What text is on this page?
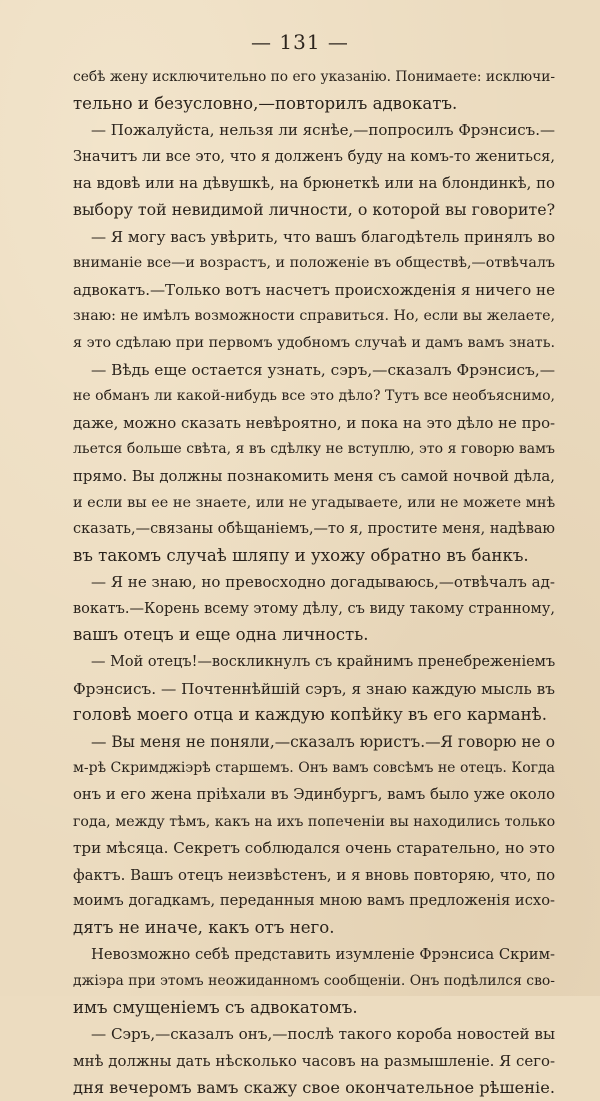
— 131 —
себѣ жену исключительно по его указанію. Понимаете: исключи-
тельно и безусловно,—повторилъ адвокатъ.
— Пожалуйста, нельзя ли яснѣе,—попросилъ Фрэнсисъ.—
Значитъ ли все это, что я долженъ буду на комъ-то жениться,
на вдовѣ или на дѣвушкѣ, на брюнеткѣ или на блондинкѣ, по
выбору той невидимой личности, о которой вы говорите?
— Я могу васъ увѣрить, что вашъ благодѣтель принялъ во
вниманіе все—и возрастъ, и положеніе въ обществѣ,—отвѣчалъ
адвокатъ.—Только вотъ насчетъ происхожденія я ничего не
знаю: не имѣлъ возможности справиться. Но, если вы желаете,
я это сдѣлаю при первомъ удобномъ случаѣ и дамъ вамъ знать.
— Вѣдь еще остается узнать, сэръ,—сказалъ Фрэнсисъ,—
не обманъ ли какой-нибудь все это дѣло? Тутъ все необъяснимо,
даже, можно сказать невѣроятно, и пока на это дѣло не про-
льется больше свѣта, я въ сдѣлку не вступлю, это я говорю вамъ
прямо. Вы должны познакомить меня съ самой ночвой дѣла,
и если вы ее не знаете, или не угадываете, или не можете мнѣ
сказать,—связаны обѣщаніемъ,—то я, простите меня, надѣваю
въ такомъ случаѣ шляпу и ухожу обратно въ банкъ.
— Я не знаю, но превосходно догадываюсь,—отвѣчалъ ад-
вокатъ.—Корень всему этому дѣлу, съ виду такому странному,
вашъ отецъ и еще одна личность.
— Мой отецъ!—воскликнулъ съ крайнимъ пренебреженіемъ
Фрэнсисъ. — Почтеннѣйшій сэръ, я знаю каждую мысль въ
головѣ моего отца и каждую копѣйку въ его карманѣ.
— Вы меня не поняли,—сказалъ юристъ.—Я говорю не о
м-рѣ Скримджіэрѣ старшемъ. Онъ вамъ совсѣмъ не отецъ. Когда
онъ и его жена пріѣхали въ Эдинбургъ, вамъ было уже около
года, между тѣмъ, какъ на ихъ попеченіи вы находились только
три мѣсяца. Секретъ соблюдался очень старательно, но это
фактъ. Вашъ отецъ неизвѣстенъ, и я вновь повторяю, что, по
моимъ догадкамъ, переданныя мною вамъ предложенія исхо-
дятъ не иначе, какъ отъ него.
Невозможно себѣ представить изумленіе Фрэнсиса Скрим-
джіэра при этомъ неожиданномъ сообщеніи. Онъ подѣлился сво-
имъ смущеніемъ съ адвокатомъ.
— Сэръ,—сказалъ онъ,—послѣ такого короба новостей вы
мнѣ должны дать нѣсколько часовъ на размышленіе. Я сего-
дня вечеромъ вамъ скажу свое окончательное рѣшеніе.
